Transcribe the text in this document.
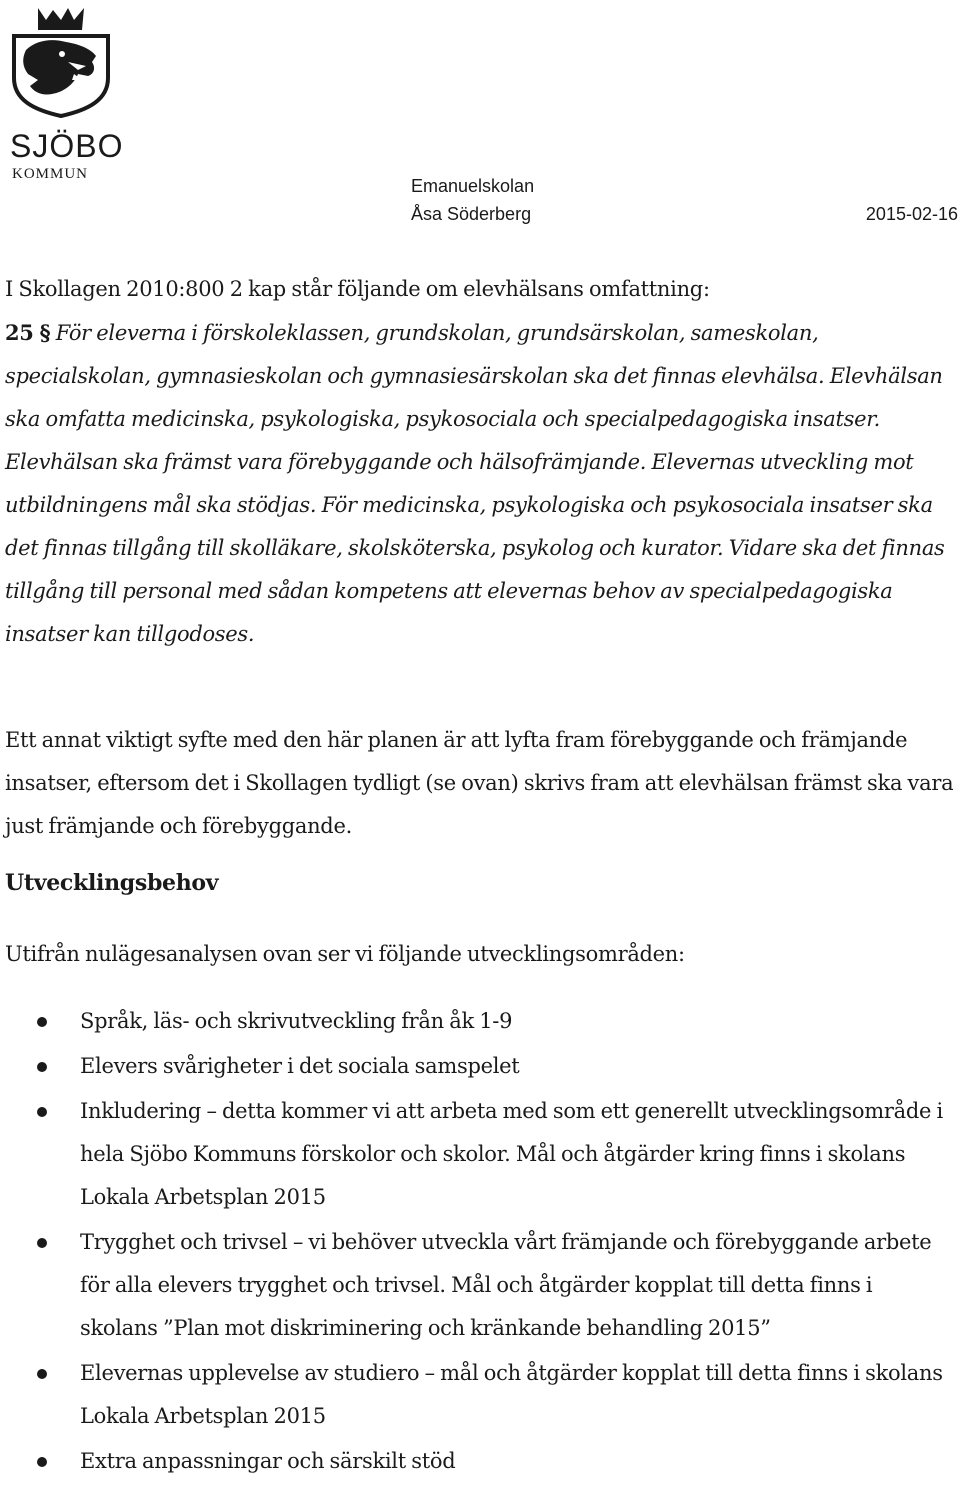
SJÖBO
KOMMUN
Emanuelskolan
Åsa Söderberg	2015-02-16

I Skollagen 2010:800 2 kap står följande om elevhälsans omfattning:
25 § För eleverna i förskoleklassen, grundskolan, grundsärskolan, sameskolan, specialskolan, gymnasieskolan och gymnasiesärskolan ska det finnas elevhälsa. Elevhälsan ska omfatta medicinska, psykologiska, psykosociala och specialpedagogiska insatser. Elevhälsan ska främst vara förebyggande och hälsofrämjande. Elevernas utveckling mot utbildningens mål ska stödjas. För medicinska, psykologiska och psykosociala insatser ska det finnas tillgång till skolläkare, skolsköterska, psykolog och kurator. Vidare ska det finnas tillgång till personal med sådan kompetens att elevernas behov av specialpedagogiska insatser kan tillgodoses.

Ett annat viktigt syfte med den här planen är att lyfta fram förebyggande och främjande insatser, eftersom det i Skollagen tydligt (se ovan) skrivs fram att elevhälsan främst ska vara just främjande och förebyggande.

Utvecklingsbehov

Utifrån nulägesanalysen ovan ser vi följande utvecklingsområden:

Språk, läs- och skrivutveckling från åk 1-9
Elevers svårigheter i det sociala samspelet
Inkludering – detta kommer vi att arbeta med som ett generellt utvecklingsområde i hela Sjöbo Kommuns förskolor och skolor. Mål och åtgärder kring finns i skolans Lokala Arbetsplan 2015
Trygghet och trivsel – vi behöver utveckla vårt främjande och förebyggande arbete för alla elevers trygghet och trivsel. Mål och åtgärder kopplat till detta finns i skolans ”Plan mot diskriminering och kränkande behandling 2015”
Elevernas upplevelse av studiero – mål och åtgärder kopplat till detta finns i skolans Lokala Arbetsplan 2015
Extra anpassningar och särskilt stöd
